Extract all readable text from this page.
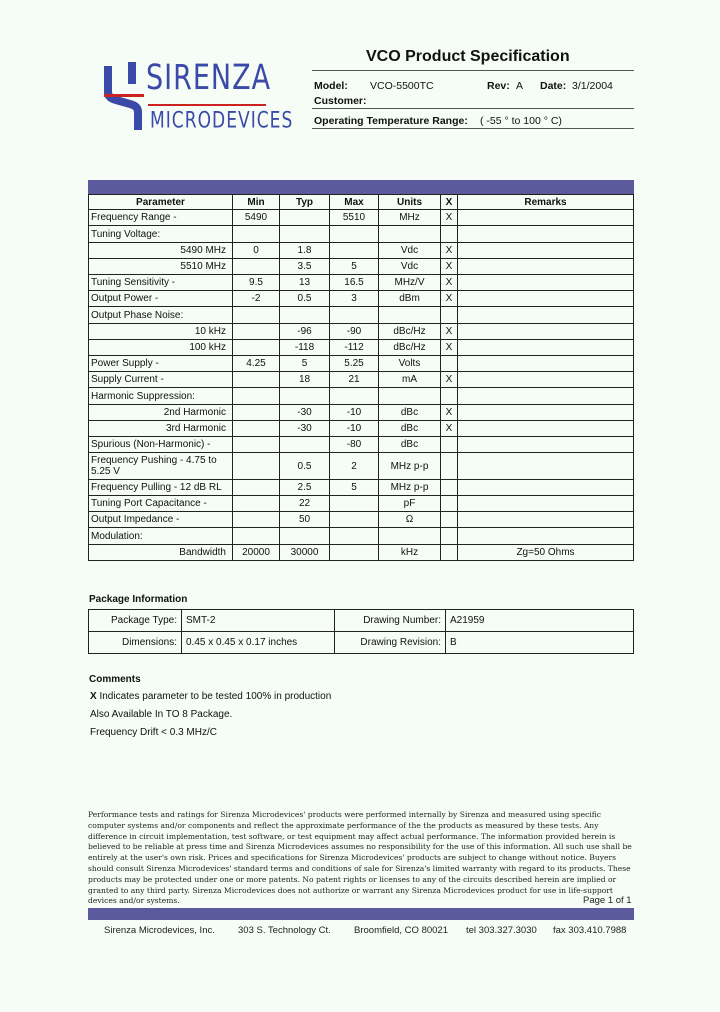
SIRENZA
MICRODEVICES
VCO Product Specification
Model: VCO-5500TC	Rev: A Date: 3/1/2004
Customer:
Operating Temperature Range: ( -55 ° to 100 ° C)
Parameter	Min	Typ	Max	Units	X	Remarks
Frequency Range -	5490		5510	MHz	X	
Tuning Voltage:						
5490 MHz	0	1.8		Vdc	X	
5510 MHz		3.5	5	Vdc	X	
Tuning Sensitivity -	9.5	13	16.5	MHz/V	X	
Output Power -	-2	0.5	3	dBm	X	
Output Phase Noise:						
10 kHz		-96	-90	dBc/Hz	X	
100 kHz		-118	-112	dBc/Hz	X	
Power Supply -	4.25	5	5.25	Volts		
Supply Current -		18	21	mA	X	
Harmonic Suppression:						
2nd Harmonic		-30	-10	dBc	X	
3rd Harmonic		-30	-10	dBc	X	
Spurious (Non-Harmonic) -			-80	dBc		
Frequency Pushing - 4.75 to 5.25 V		0.5	2	MHz p-p		
Frequency Pulling - 12 dB RL		2.5	5	MHz p-p		
Tuning Port Capacitance -		22		pF		
Output Impedance -		50		Ω		
Modulation:						
Bandwidth	20000	30000		kHz		Zg=50 Ohms
Package Information
Package Type:	SMT-2	Drawing Number:	A21959
Dimensions:	0.45 x 0.45 x 0.17 inches	Drawing Revision:	B
Comments
X Indicates parameter to be tested 100% in production
Also Available In TO 8 Package.
Frequency Drift < 0.3 MHz/C
Performance tests and ratings for Sirenza Microdevices' products were performed internally by Sirenza and measured using specific computer systems and/or components and reflect the approximate performance of the the products as measured by these tests. Any difference in circuit implementation, test software, or test equipment may affect actual performance. The information provided herein is believed to be reliable at press time and Sirenza Microdevices assumes no responsibility for the use of this information. All such use shall be entirely at the user's own risk. Prices and specifications for Sirenza Microdevices' products are subject to change without notice. Buyers should consult Sirenza Microdevices' standard terms and conditions of sale for Sirenza's limited warranty with regard to its products. These products may be protected under one or more patents. No patent rights or licenses to any of the circuits described herein are implied or granted to any third party. Sirenza Microdevices does not authorize or warrant any Sirenza Microdevices product for use in life-support devices and/or systems.	Page 1 of 1
Sirenza Microdevices, Inc. 303 S. Technology Ct. Broomfield, CO 80021 tel 303.327.3030 fax 303.410.7988
